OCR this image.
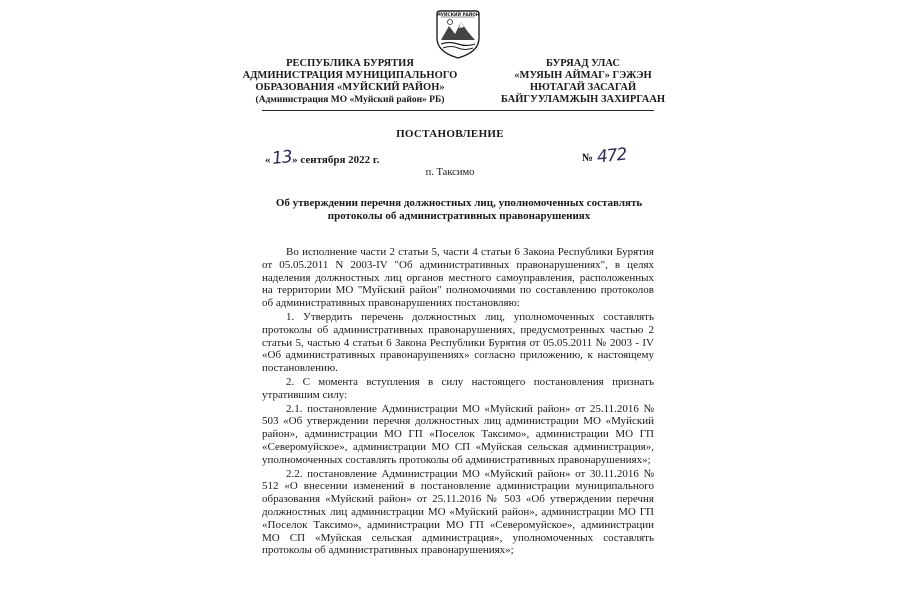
МУЙСКИЙ РАЙОН
РЕСПУБЛИКА БУРЯТИЯ
АДМИНИСТРАЦИЯ МУНИЦИПАЛЬНОГО
ОБРАЗОВАНИЯ «МУЙСКИЙ РАЙОН»
(Администрация МО «Муйский район» РБ)
БУРЯАД УЛАС
«МУЯЫН АЙМАГ» ГЭЖЭН
НЮТАГАЙ ЗАСАГАЙ
БАЙГУУЛАМЖЫН ЗАХИРГААН
ПОСТАНОВЛЕНИЕ
«13» сентября 2022 г.	№ 472
п. Таксимо
Об утверждении перечня должностных лиц, уполномоченных составлять протоколы об административных правонарушениях

Во исполнение части 2 статьи 5, части 4 статьи 6 Закона Республики Бурятия от 05.05.2011 N 2003-IV "Об административных правонарушениях", в целях наделения должностных лиц органов местного самоуправления, расположенных на территории МО "Муйский район" полномочиями по составлению протоколов об административных правонарушениях постановляю:

1. Утвердить перечень должностных лиц, уполномоченных составлять протоколы об административных правонарушениях, предусмотренных частью 2 статьи 5, частью 4 статьи 6 Закона Республики Бурятия от 05.05.2011 № 2003 - IV «Об административных правонарушениях» согласно приложению, к настоящему постановлению.

2. С момента вступления в силу настоящего постановления признать утратившим силу:

2.1. постановление Администрации МО «Муйский район» от 25.11.2016 № 503 «Об утверждении перечня должностных лиц администрации МО «Муйский район», администрации МО ГП «Поселок Таксимо», администрации МО ГП «Северомуйское», администрации МО СП «Муйская сельская администрация», уполномоченных составлять протоколы об административных правонарушениях»;

2.2. постановление Администрации МО «Муйский район» от 30.11.2016 № 512 «О внесении изменений в постановление администрации муниципального образования «Муйский район» от 25.11.2016 № 503 «Об утверждении перечня должностных лиц администрации МО «Муйский район», администрации МО ГП «Поселок Таксимо», администрации МО ГП «Северомуйское», администрации МО СП «Муйская сельская администрация», уполномоченных составлять протоколы об административных правонарушениях»;
